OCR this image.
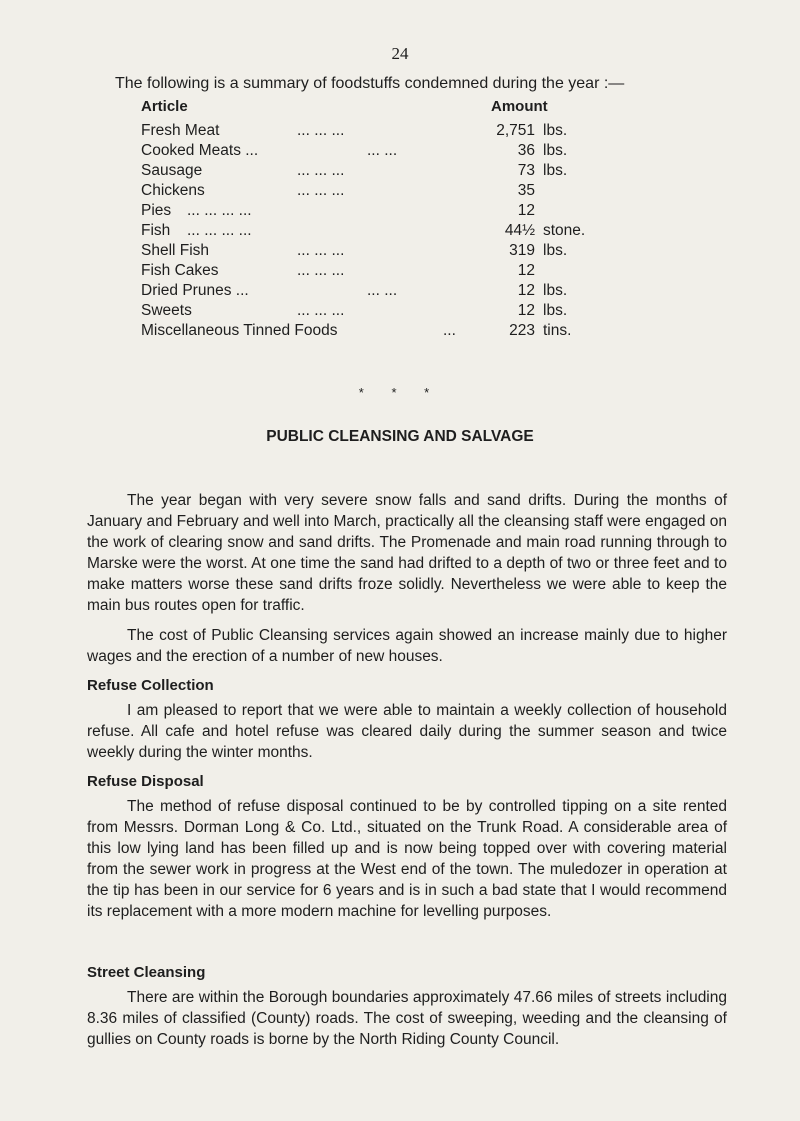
24
The following is a summary of foodstuffs condemned during the year :—
Article	Amount
Fresh Meat	... ... ...	2,751 lbs.
Cooked Meats ...	... ...	36 lbs.
Sausage	... ... ...	73 lbs.
Chickens	... ... ...	35
Pies ... ... ... ...	12
Fish ... ... ... ...	44½ stone.
Shell Fish	... ... ...	319 lbs.
Fish Cakes	... ... ...	12
Dried Prunes ...	... ...	12 lbs.
Sweets	... ... ...	12 lbs.
Miscellaneous Tinned Foods	...	223 tins.
* * *
PUBLIC CLEANSING AND SALVAGE
The year began with very severe snow falls and sand drifts. During the months of January and February and well into March, practically all the cleansing staff were engaged on the work of clearing snow and sand drifts. The Promenade and main road running through to Marske were the worst. At one time the sand had drifted to a depth of two or three feet and to make matters worse these sand drifts froze solidly. Nevertheless we were able to keep the main bus routes open for traffic.
The cost of Public Cleansing services again showed an increase mainly due to higher wages and the erection of a number of new houses.
Refuse Collection
I am pleased to report that we were able to maintain a weekly collection of household refuse. All cafe and hotel refuse was cleared daily during the summer season and twice weekly during the winter months.
Refuse Disposal
The method of refuse disposal continued to be by controlled tipping on a site rented from Messrs. Dorman Long & Co. Ltd., situated on the Trunk Road. A considerable area of this low lying land has been filled up and is now being topped over with covering material from the sewer work in progress at the West end of the town. The muledozer in operation at the tip has been in our service for 6 years and is in such a bad state that I would recommend its replacement with a more modern machine for levelling purposes.
Street Cleansing
There are within the Borough boundaries approximately 47.66 miles of streets including 8.36 miles of classified (County) roads. The cost of sweeping, weeding and the cleansing of gullies on County roads is borne by the North Riding County Council.
